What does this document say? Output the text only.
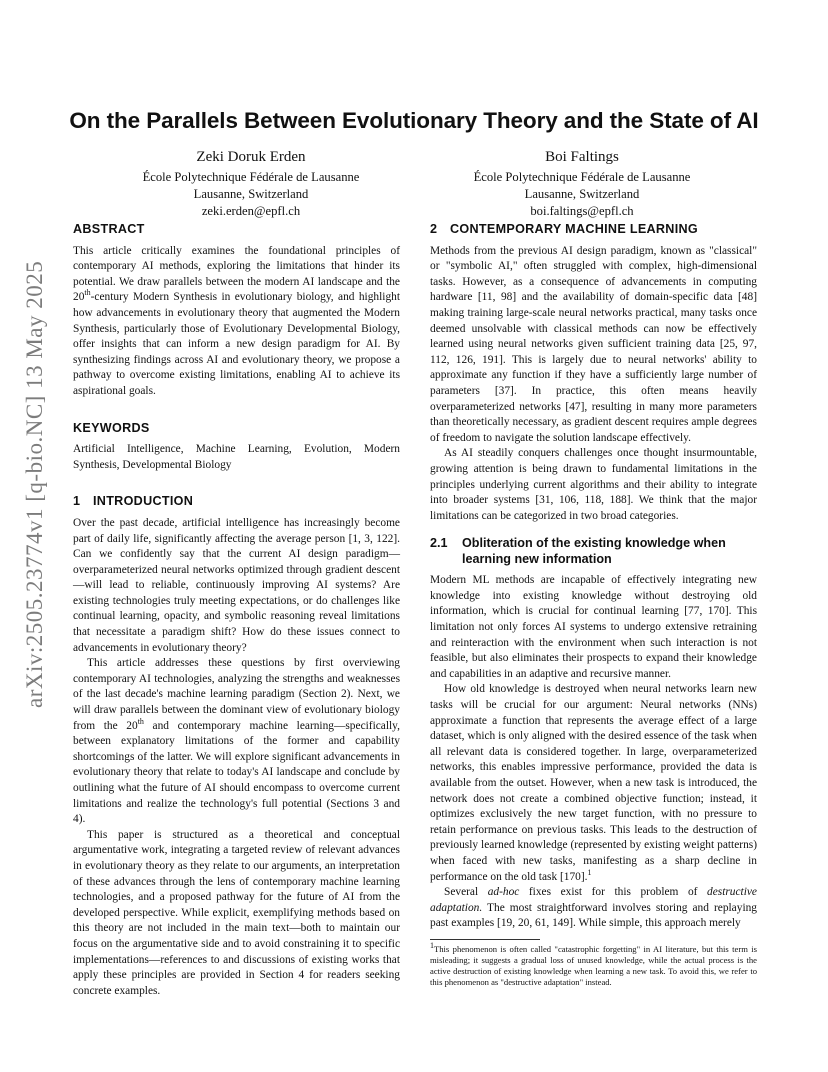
arXiv:2505.23774v1 [q-bio.NC] 13 May 2025
On the Parallels Between Evolutionary Theory and the State of AI
Zeki Doruk Erden
École Polytechnique Fédérale de Lausanne
Lausanne, Switzerland
zeki.erden@epfl.ch
Boi Faltings
École Polytechnique Fédérale de Lausanne
Lausanne, Switzerland
boi.faltings@epfl.ch
ABSTRACT

This article critically examines the foundational principles of contemporary AI methods, exploring the limitations that hinder its potential. We draw parallels between the modern AI landscape and the 20th-century Modern Synthesis in evolutionary biology, and highlight how advancements in evolutionary theory that augmented the Modern Synthesis, particularly those of Evolutionary Developmental Biology, offer insights that can inform a new design paradigm for AI. By synthesizing findings across AI and evolutionary theory, we propose a pathway to overcome existing limitations, enabling AI to achieve its aspirational goals.

KEYWORDS

Artificial Intelligence, Machine Learning, Evolution, Modern Synthesis, Developmental Biology

1 INTRODUCTION

Over the past decade, artificial intelligence has increasingly become part of daily life, significantly affecting the average person [1, 3, 122]. Can we confidently say that the current AI design paradigm—overparameterized neural networks optimized through gradient descent—will lead to reliable, continuously improving AI systems? Are existing technologies truly meeting expectations, or do challenges like continual learning, opacity, and symbolic reasoning reveal limitations that necessitate a paradigm shift? How do these issues connect to advancements in evolutionary theory?

This article addresses these questions by first overviewing contemporary AI technologies, analyzing the strengths and weaknesses of the last decade's machine learning paradigm (Section 2). Next, we will draw parallels between the dominant view of evolutionary biology from the 20th and contemporary machine learning—specifically, between explanatory limitations of the former and capability shortcomings of the latter. We will explore significant advancements in evolutionary theory that relate to today's AI landscape and conclude by outlining what the future of AI should encompass to overcome current limitations and realize the technology's full potential (Sections 3 and 4).

This paper is structured as a theoretical and conceptual argumentative work, integrating a targeted review of relevant advances in evolutionary theory as they relate to our arguments, an interpretation of these advances through the lens of contemporary machine learning technologies, and a proposed pathway for the future of AI from the developed perspective. While explicit, exemplifying methods based on this theory are not included in the main text—both to maintain our focus on the argumentative side and to avoid constraining it to specific implementations—references to and discussions of existing works that apply these principles are provided in Section 4 for readers seeking concrete examples.

2 CONTEMPORARY MACHINE LEARNING

Methods from the previous AI design paradigm, known as "classical" or "symbolic AI," often struggled with complex, high-dimensional tasks. However, as a consequence of advancements in computing hardware [11, 98] and the availability of domain-specific data [48] making training large-scale neural networks practical, many tasks once deemed unsolvable with classical methods can now be effectively learned using neural networks given sufficient training data [25, 97, 112, 126, 191]. This is largely due to neural networks' ability to approximate any function if they have a sufficiently large number of parameters [37]. In practice, this often means heavily overparameterized networks [47], resulting in many more parameters than theoretically necessary, as gradient descent requires ample degrees of freedom to navigate the solution landscape effectively.

As AI steadily conquers challenges once thought insurmountable, growing attention is being drawn to fundamental limitations in the principles underlying current algorithms and their ability to integrate into broader systems [31, 106, 118, 188]. We think that the major limitations can be categorized in two broad categories.

2.1	Obliteration of the existing knowledge when learning new information

Modern ML methods are incapable of effectively integrating new knowledge into existing knowledge without destroying old information, which is crucial for continual learning [77, 170]. This limitation not only forces AI systems to undergo extensive retraining and reinteraction with the environment when such interaction is not feasible, but also eliminates their prospects to expand their knowledge and capabilities in an adaptive and recursive manner.

How old knowledge is destroyed when neural networks learn new tasks will be crucial for our argument: Neural networks (NNs) approximate a function that represents the average effect of a large dataset, which is only aligned with the desired essence of the task when all relevant data is considered together. In large, overparameterized networks, this enables impressive performance, provided the data is available from the outset. However, when a new task is introduced, the network does not create a combined objective function; instead, it optimizes exclusively the new target function, with no pressure to retain performance on previous tasks. This leads to the destruction of previously learned knowledge (represented by existing weight patterns) when faced with new tasks, manifesting as a sharp decline in performance on the old task [170].$^1$

Several ad-hoc fixes exist for this problem of destructive adaptation. The most straightforward involves storing and replaying past examples [19, 20, 61, 149]. While simple, this approach merely

$^1$This phenomenon is often called "catastrophic forgetting" in AI literature, but this term is misleading; it suggests a gradual loss of unused knowledge, while the actual process is the active destruction of existing knowledge when learning a new task. To avoid this, we refer to this phenomenon as "destructive adaptation" instead.
